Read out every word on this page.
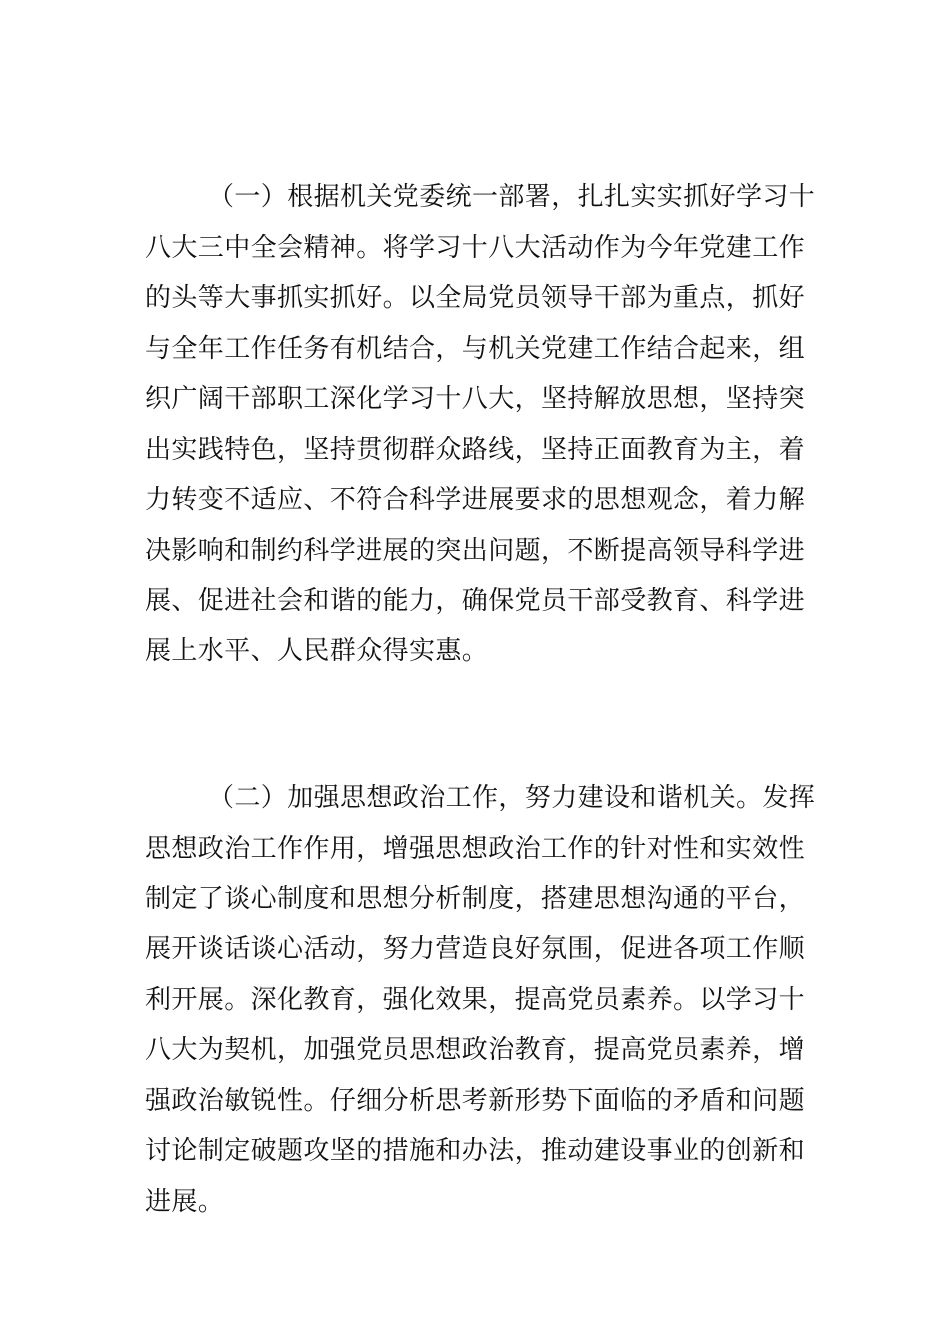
（一）根据机关党委统一部署，扎扎实实抓好学习十
八大三中全会精神。将学习十八大活动作为今年党建工作
的头等大事抓实抓好。以全局党员领导干部为重点，抓好
与全年工作任务有机结合，与机关党建工作结合起来，组
织广阔干部职工深化学习十八大，坚持解放思想，坚持突
出实践特色，坚持贯彻群众路线，坚持正面教育为主，着
力转变不适应、不符合科学进展要求的思想观念，着力解
决影响和制约科学进展的突出问题，不断提高领导科学进
展、促进社会和谐的能力，确保党员干部受教育、科学进
展上水平、人民群众得实惠。
（二）加强思想政治工作，努力建设和谐机关。发挥
思想政治工作作用，增强思想政治工作的针对性和实效性
制定了谈心制度和思想分析制度，搭建思想沟通的平台，
展开谈话谈心活动，努力营造良好氛围，促进各项工作顺
利开展。深化教育，强化效果，提高党员素养。以学习十
八大为契机，加强党员思想政治教育，提高党员素养，增
强政治敏锐性。仔细分析思考新形势下面临的矛盾和问题
讨论制定破题攻坚的措施和办法，推动建设事业的创新和
进展。
